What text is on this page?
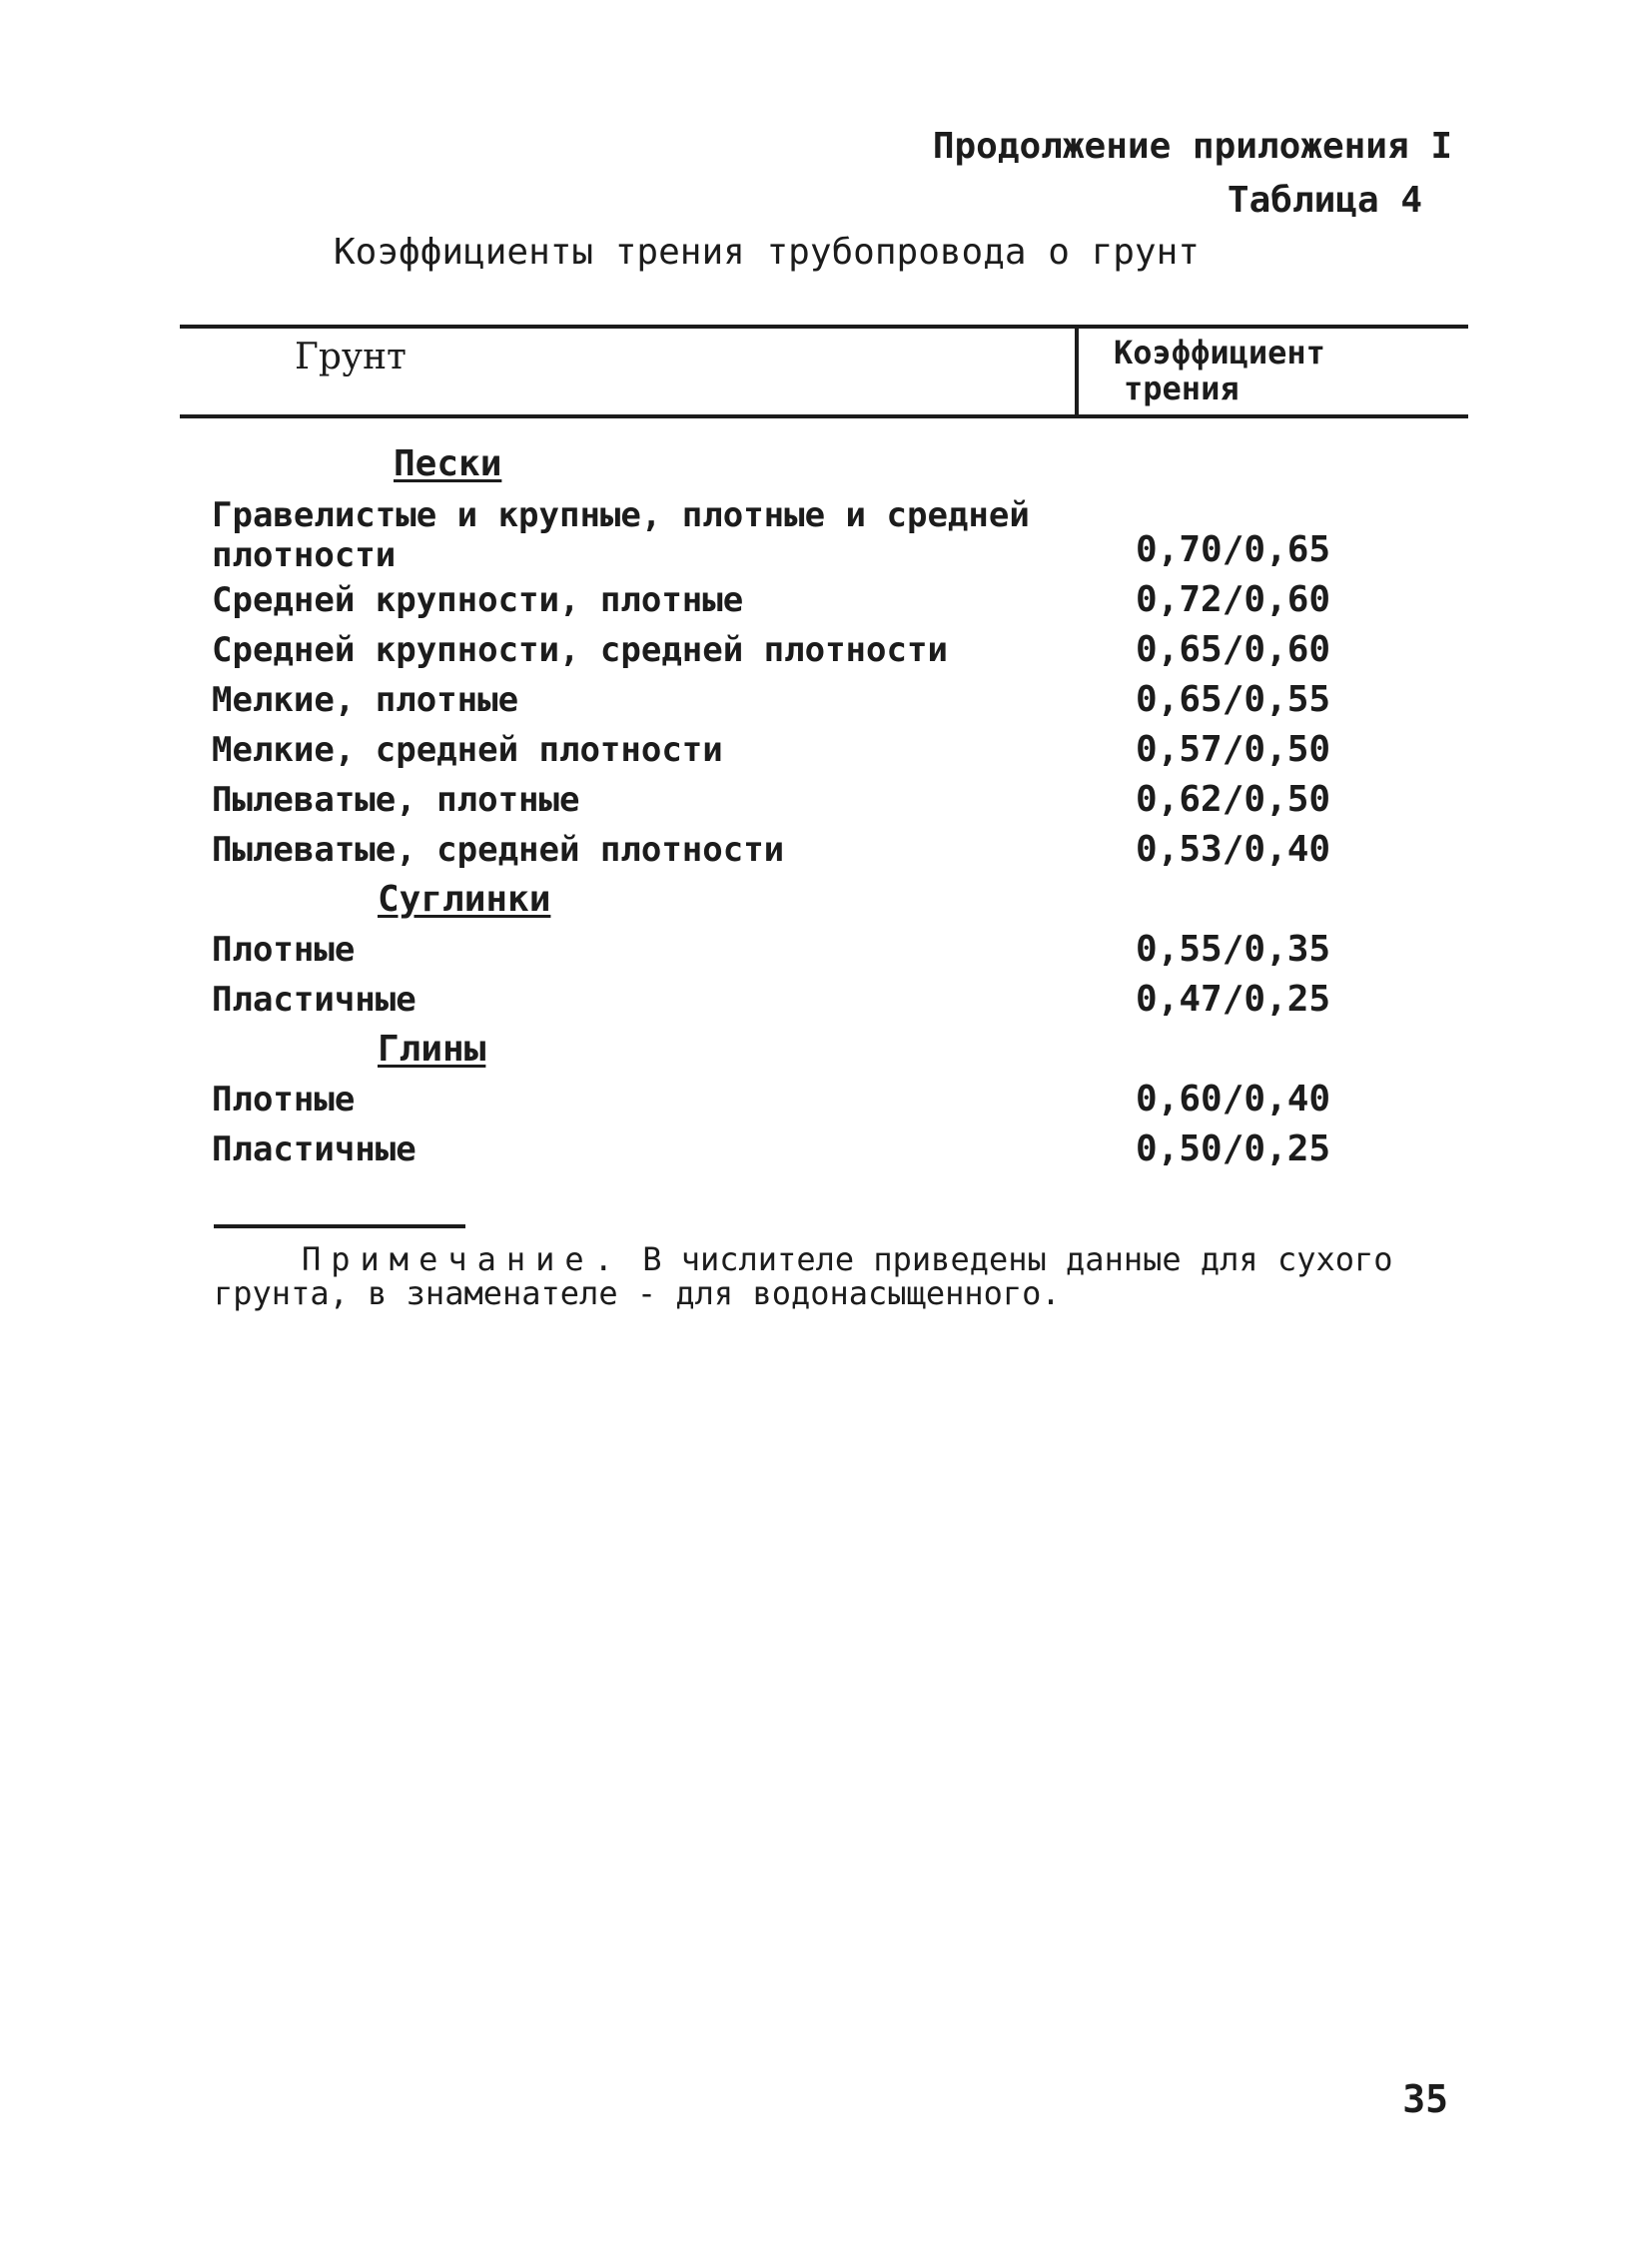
Продолжение приложения I
Таблица 4
Коэффициенты трения трубопровода о грунт
Грунт	Коэффициент
трения
Пески
Гравелистые и крупные, плотные и средней
плотности	0,70/0,65
Средней крупности, плотные	0,72/0,60
Средней крупности, средней плотности	0,65/0,60
Мелкие, плотные	0,65/0,55
Мелкие, средней плотности	0,57/0,50
Пылеватые, плотные	0,62/0,50
Пылеватые, средней плотности	0,53/0,40
Суглинки
Плотные	0,55/0,35
Пластичные	0,47/0,25
Глины
Плотные	0,60/0,40
Пластичные	0,50/0,25
Примечание. В числителе приведены данные для сухого грунта, в знаменателе - для водонасыщенного.
35
